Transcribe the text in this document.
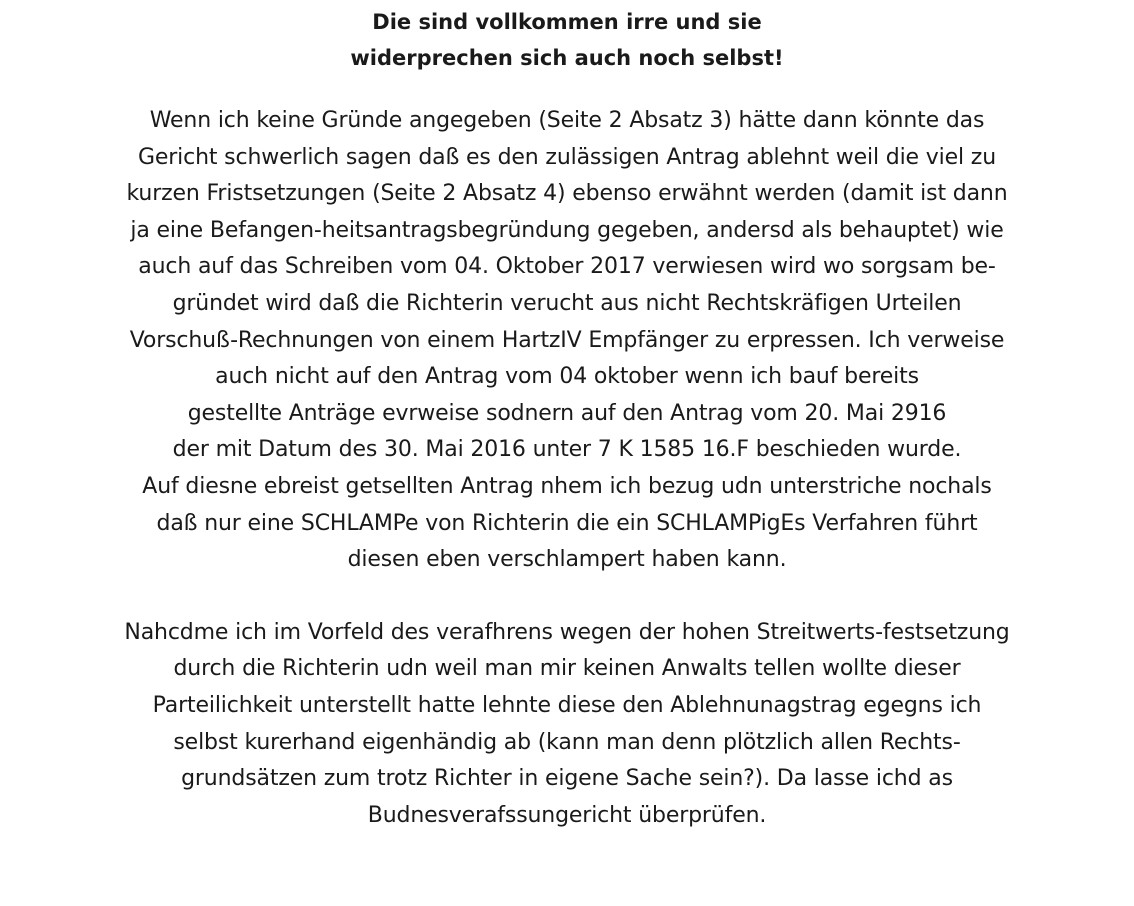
Die sind vollkommen irre und sie
widerprechen sich auch noch selbst!
Wenn ich keine Gründe angegeben (Seite 2 Absatz 3) hätte dann könnte das
Gericht schwerlich sagen daß es den zulässigen Antrag ablehnt weil die viel zu
kurzen Fristsetzungen (Seite 2 Absatz 4) ebenso erwähnt werden (damit ist dann
ja eine Befangen-heitsantragsbegründung gegeben, andersd als behauptet) wie
auch auf das Schreiben vom 04. Oktober 2017 verwiesen wird wo sorgsam be-
gründet wird daß die Richterin vеrucht aus nicht Rechtskräfigen Urteilen
Vorschuß-Rechnungen von einem HartzIV Empfänger zu erpressen. Ich verweise
auch nicht auf den Antrag vom 04 oktober wenn ich bauf bereits
gestellte Anträge evrweise sodnern auf den Antrag vom 20. Mai 2916
der mit Datum des 30. Mai 2016 unter 7 K 1585 16.F beschieden wurde.
Auf diesne ebreist getsellten Antrag nhem ich bezug udn unterstriche nochals
daß nur eine SCHLAMPe von Richterin die ein SCHLAMPigEs Verfahren führt
diesen eben verschlampert haben kann.
Nahcdme ich im Vorfeld des verafhrens wegen der hohen Streitwerts-festsetzung
durch die Richterin udn weil man mir keinen Anwalts tellen wollte dieser
Parteilichkeit unterstellt hatte lehnte diese den Ablehnunagstrag egegns ich
selbst kurerhand eigenhändig ab (kann man denn plötzlich allen Rechts-
grundsätzen zum trotz Richter in eigene Sache sein?). Da lasse ichd as
Budnesverafssungericht überprüfen.
